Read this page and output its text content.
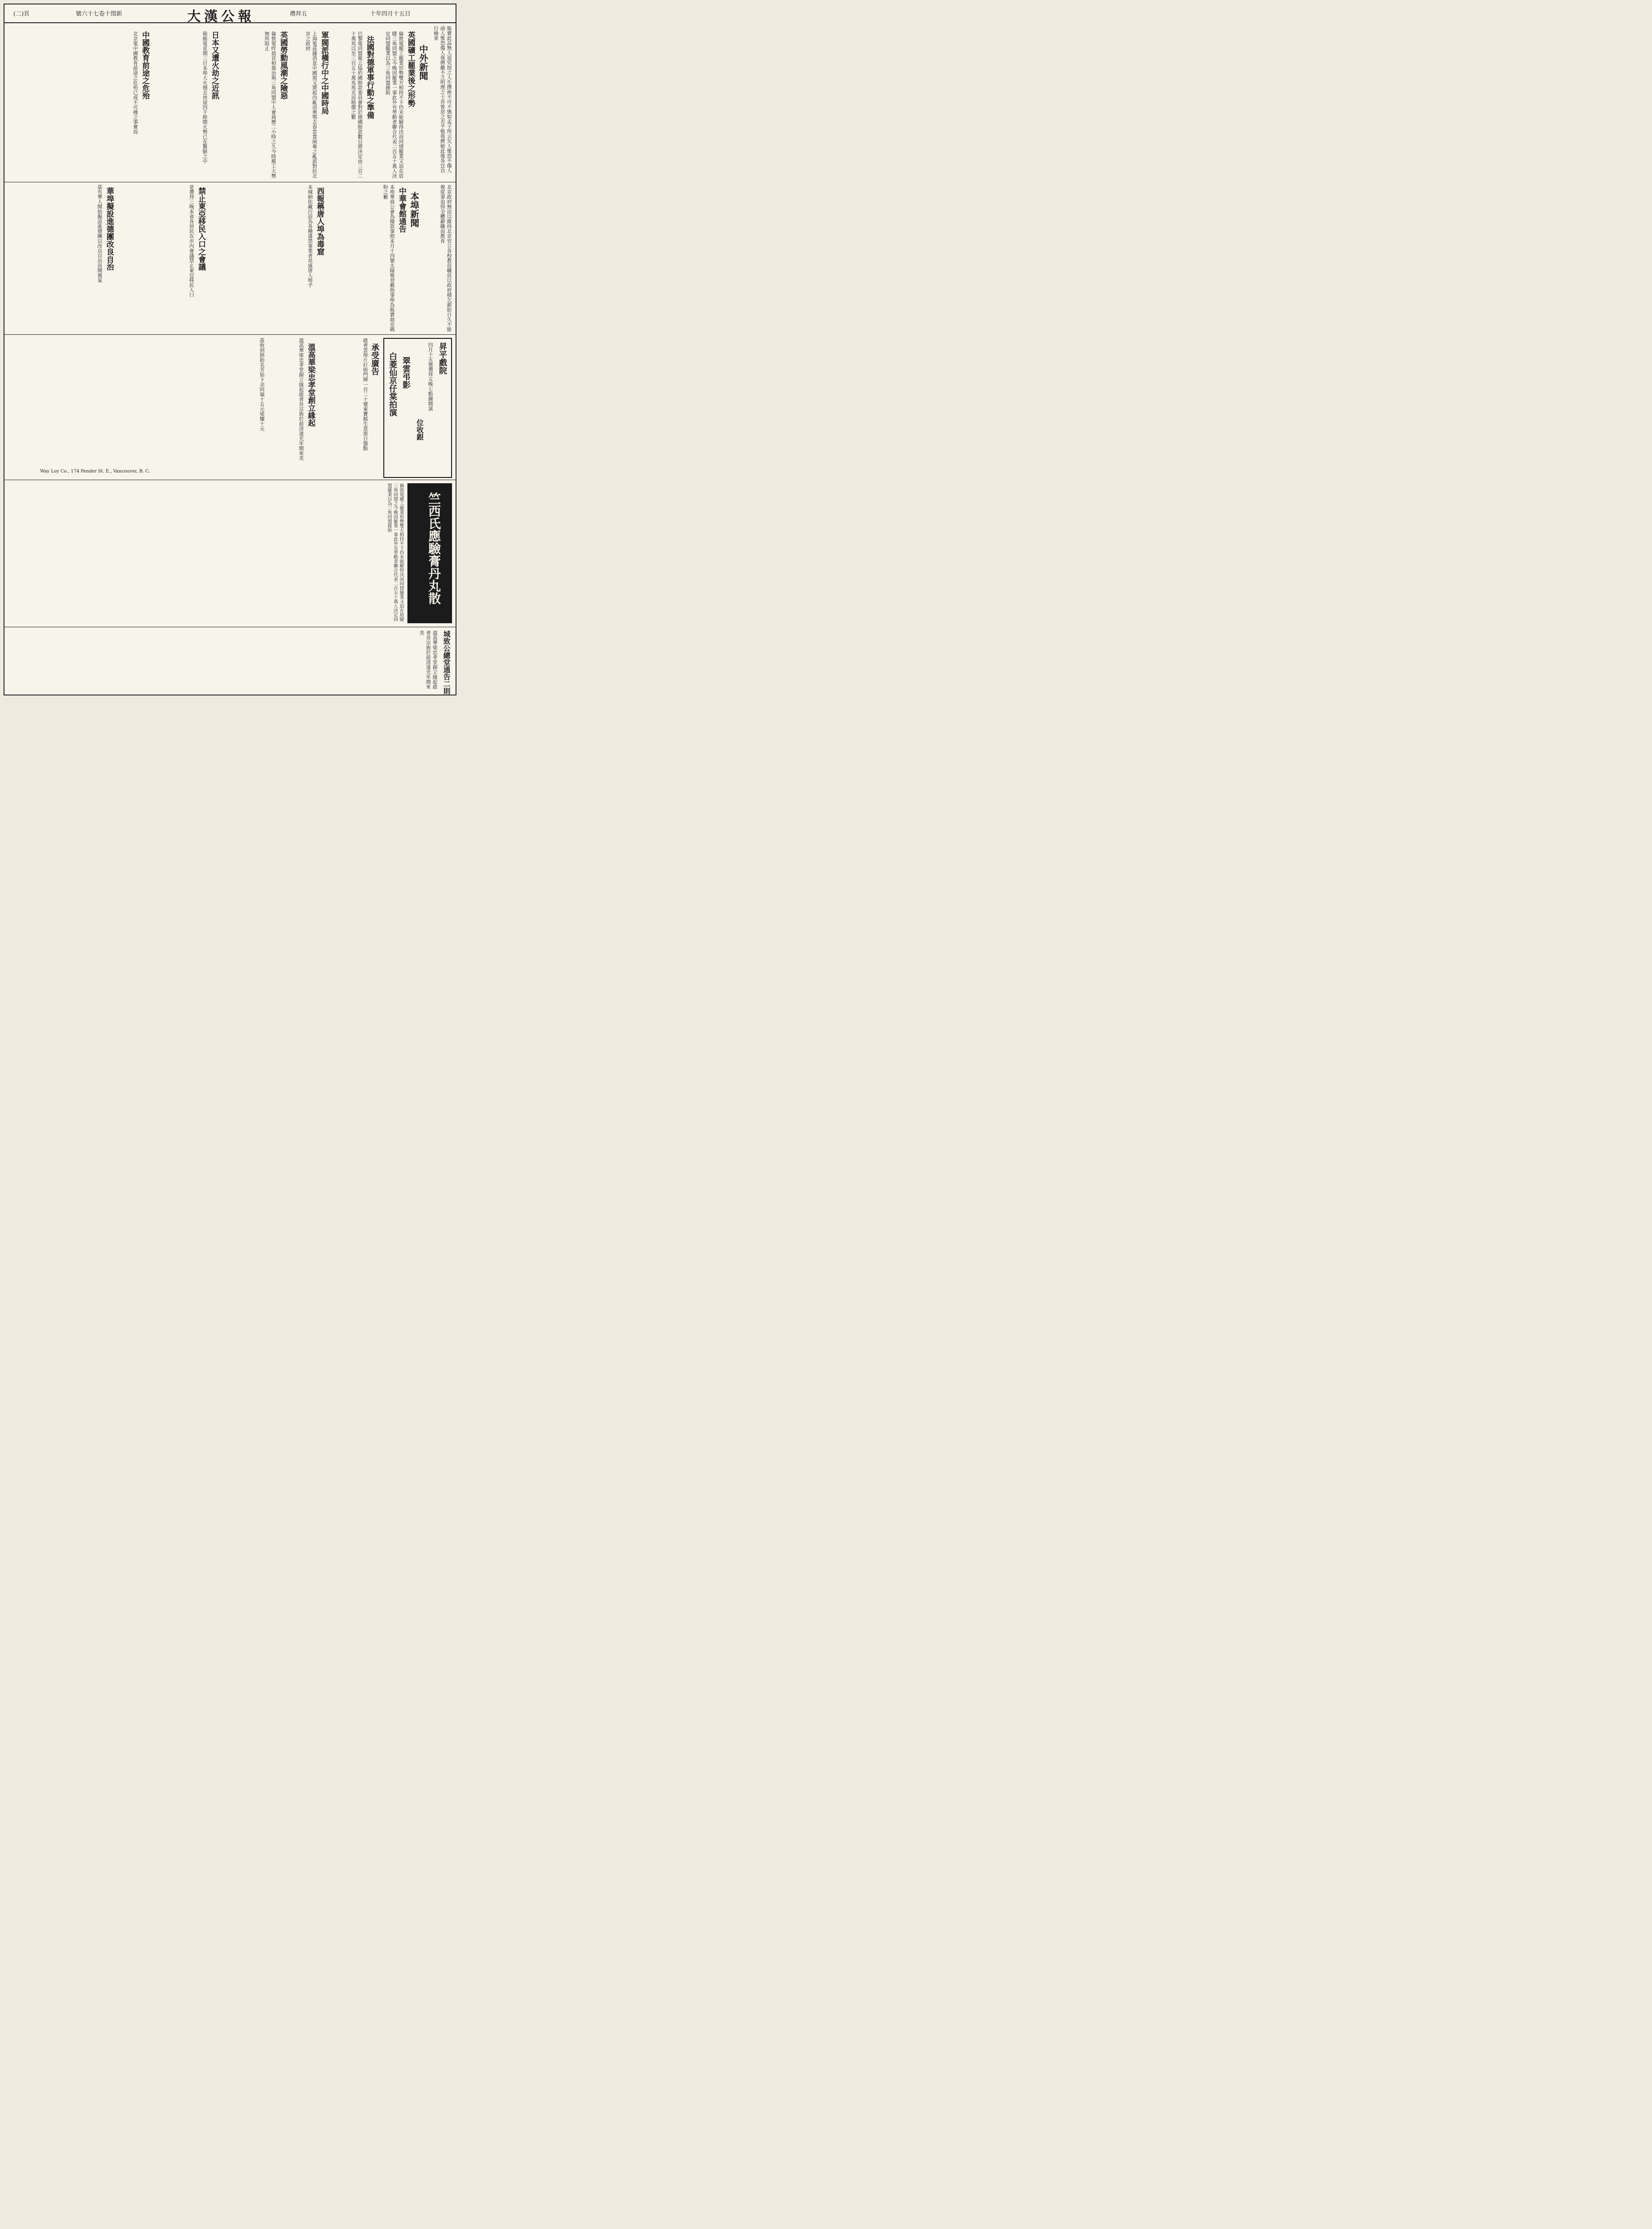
(二)頁	號六十七卷十閏新	大漢公報	禮拜五	十年四月十五日
販賣此品無人追究按之人生擇術不可不慎如孟子所云矢人惟恐不傷人函人惟恐傷人我儕雖不乏明理之士亦曾思之否乎勉我儕她此後各宜自行檢束
中外新聞
英國礦工罷業後之形勢
倫敦電罷工罷業形勢雙方相持不下仍未能解得決而同情罷業又迫在眉睫三角同盟之今晚因罷業一事此外有勞動者聯合代表二百五十萬人決定同盟罷業以為三角同盟援助
法國對德軍事行動之準備
巴黎電同盟報云協約國賠款委員會對於德國賠款數目將決定由三百二十萬兆以至三百五十萬兆馬克而賠償之數
軍閥派橫行中之中國時局
上海電茲據消息中國現又將起內亂而奧鄂去春雲貴兩粵之亂派對抗北京之政府
英國勞動風潮之險惡
倫敦電昨晨首相喬治與三角同盟中人會商歷二小時之久今時罷工大勢無所阻止
日本又遭火劫之近訊
箱館電星期三日本埠大火燒去房屋四千餘間火勢已在驚駭之中
中國教育前途之危殆
北京電中國教育前途之危殆已成不可掩之事實而
北京政府無法以維持北京官立各校教員職員以政府積欠薪給日久不能複從事迫得全體辭職而教育
本埠新聞
中華會館通告
本埠華商公會為撥款事照本月十四號太陽報登載指事埠為販賣曲京碼粉之藪
西報稱唐人埠為毒窟
本城納佑藏污而為各種違禁事業者其盛唐人埠乎
禁止東亞移民入口之會議
是禮拜三晚本省各居民在市內會議禁止東亞移民入口
華埠擬設進德團改良自治
茲有華人開始擬設進德團以改良自治而開風氣
昇平戲院
四月十五號禮拜五晚七點鐘開演
位收銀
翠雲弔影
白菱仙京仔棠拍演
承受廣告
啟者雲埠片打街門牌一百二十號東寶館生意原日盤點
溫高華梁忠孝堂創立緣起
溫高華梁忠孝堂創立緣起啟者吾宗族於前清道光年間來美
茲收到捐助名芳如下余同福十五元梁耀十元
Way Loy Co., 174 Pender St. E., Vancouver, B. C.
竺西氏應驗膏丹丸散
倫敦電罷工罷業形勢雙方相持不下仍未能解得決而同情罷業又迫在眉睫三角同盟之今晚因罷業一事此外有勞動者聯合代表二百五十萬人決定同盟罷業以為三角同盟援助
城致公總堂通告二則
溫高華梁忠孝堂創立緣起啟者吾宗族於前清道光年間來美
